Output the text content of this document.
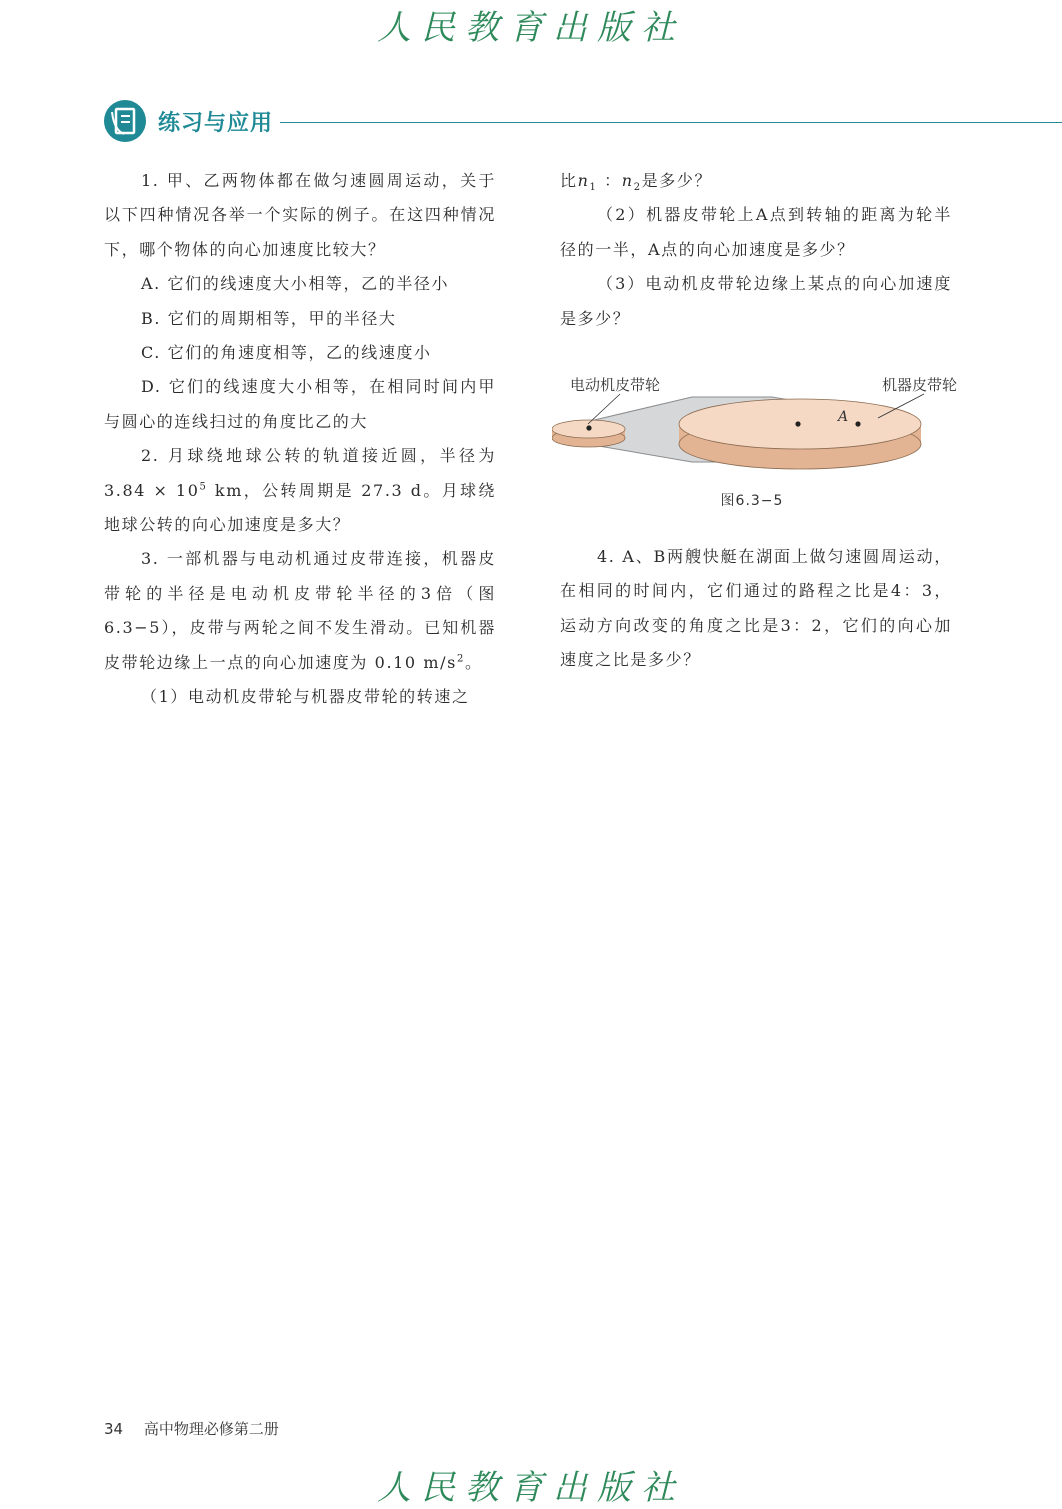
人民教育出版社
练习与应用

1. 甲、乙两物体都在做匀速圆周运动，关于以下四种情况各举一个实际的例子。在这四种情况下，哪个物体的向心加速度比较大？

A. 它们的线速度大小相等，乙的半径小

B. 它们的周期相等，甲的半径大

C. 它们的角速度相等，乙的线速度小

D. 它们的线速度大小相等，在相同时间内甲与圆心的连线扫过的角度比乙的大

2. 月球绕地球公转的轨道接近圆，半径为 $3.84 \times 10^5$ km，公转周期是 27.3 d。月球绕地球公转的向心加速度是多大？

3. 一部机器与电动机通过皮带连接，机器皮带轮的半径是电动机皮带轮半径的3倍（图6.3−5），皮带与两轮之间不发生滑动。已知机器皮带轮边缘上一点的向心加速度为 0.10 $m/s^2$。

（1）电动机皮带轮与机器皮带轮的转速之

比$n_1$ ：$n_2$是多少？

（2）机器皮带轮上A点到转轴的距离为轮半径的一半，A点的向心加速度是多少？

（3）电动机皮带轮边缘上某点的向心加速度是多少？

A
电动机皮带轮	机器皮带轮
图6.3−5

4. A、B两艘快艇在湖面上做匀速圆周运动，在相同的时间内，它们通过的路程之比是4：3，运动方向改变的角度之比是3：2，它们的向心加速度之比是多少？

34 高中物理必修第二册
人民教育出版社
